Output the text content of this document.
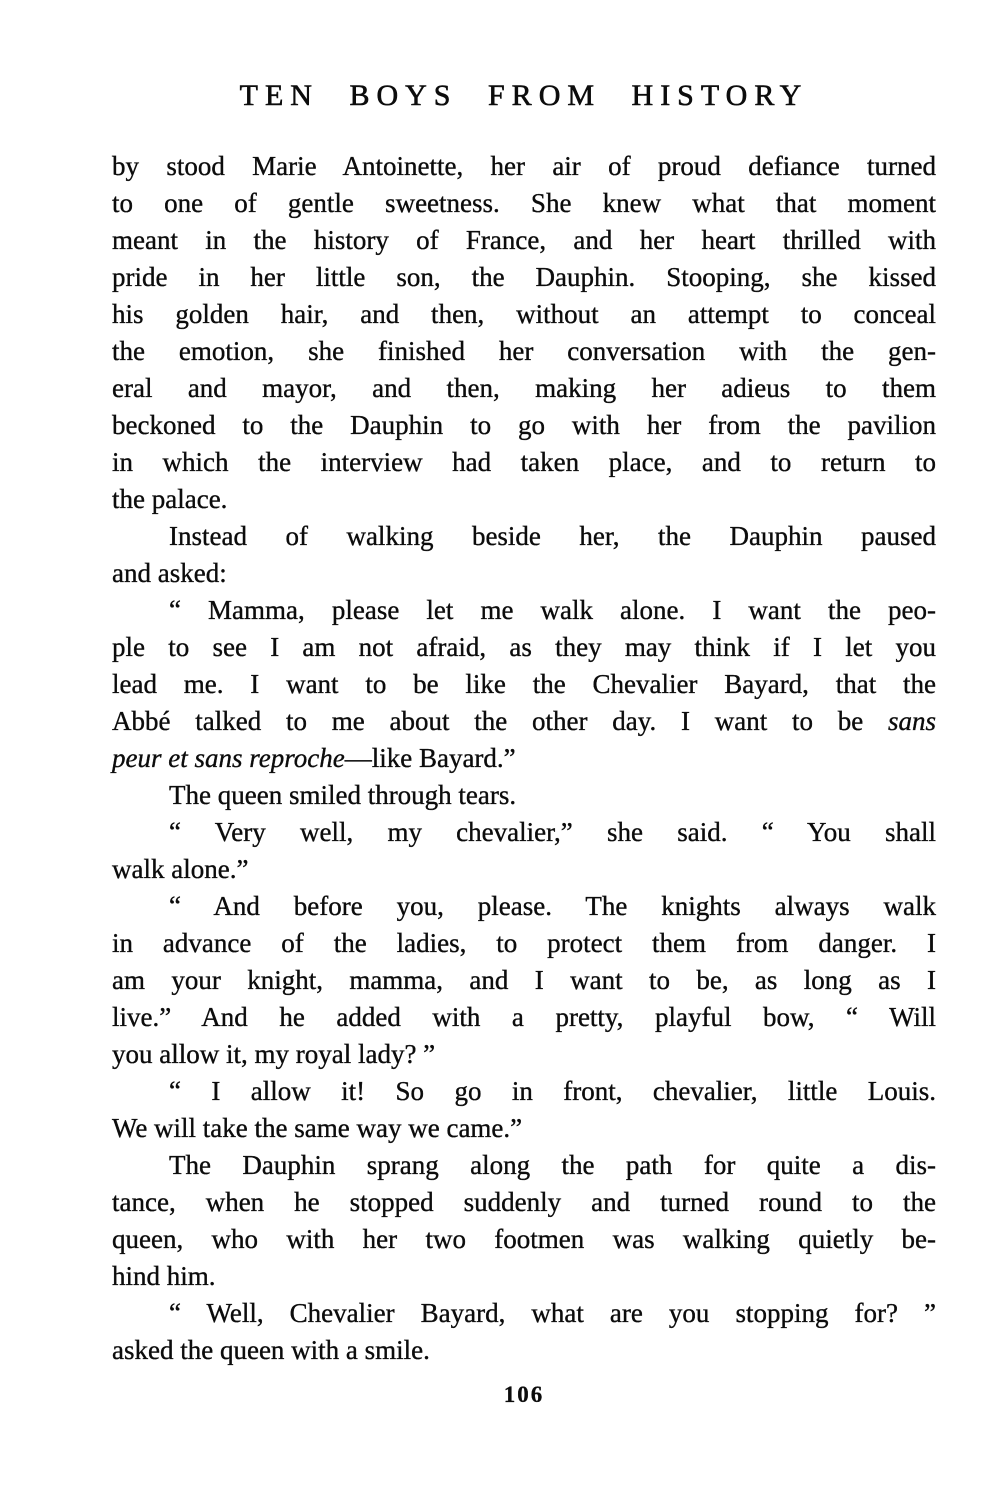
TEN BOYS FROM HISTORY
by stood Marie Antoinette, her air of proud defiance turned
to one of gentle sweetness. She knew what that moment
meant in the history of France, and her heart thrilled with
pride in her little son, the Dauphin. Stooping, she kissed
his golden hair, and then, without an attempt to conceal
the emotion, she finished her conversation with the gen-
eral and mayor, and then, making her adieus to them
beckoned to the Dauphin to go with her from the pavilion
in which the interview had taken place, and to return to
the palace.
Instead of walking beside her, the Dauphin paused
and asked:
“ Mamma, please let me walk alone. I want the peo-
ple to see I am not afraid, as they may think if I let you
lead me. I want to be like the Chevalier Bayard, that the
Abbé talked to me about the other day. I want to be sans
peur et sans reproche—like Bayard.”
The queen smiled through tears.
“ Very well, my chevalier,” she said. “ You shall
walk alone.”
“ And before you, please. The knights always walk
in advance of the ladies, to protect them from danger. I
am your knight, mamma, and I want to be, as long as I
live.” And he added with a pretty, playful bow, “ Will
you allow it, my royal lady? ”
“ I allow it! So go in front, chevalier, little Louis.
We will take the same way we came.”
The Dauphin sprang along the path for quite a dis-
tance, when he stopped suddenly and turned round to the
queen, who with her two footmen was walking quietly be-
hind him.
“ Well, Chevalier Bayard, what are you stopping for? ”
asked the queen with a smile.
106
